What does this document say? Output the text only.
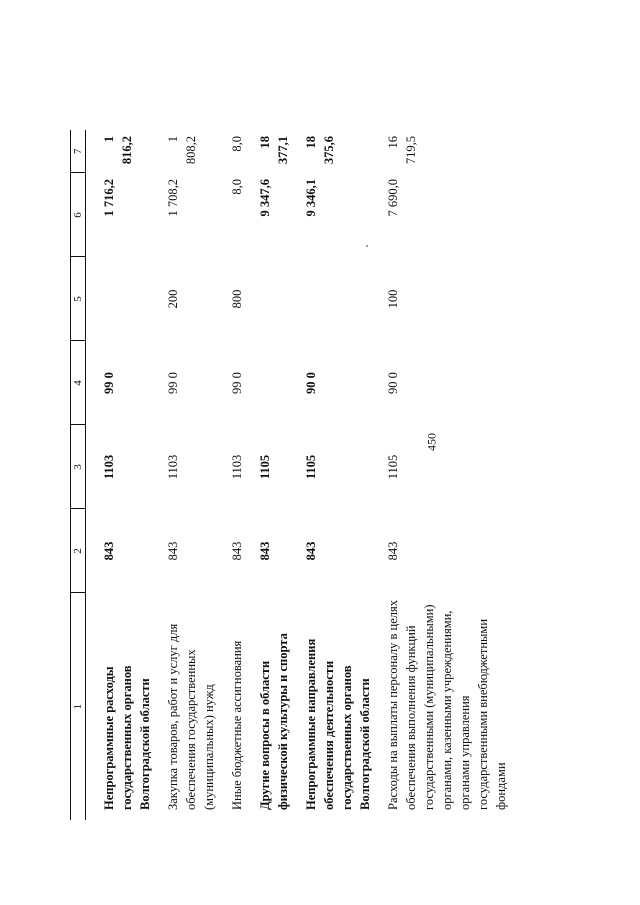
450
1	2	3	4	5	6	7
Непрограммные расходы государственных органов Волгоградской области	843	1103	99 0		1 716,2	1 816,2
Закупка товаров, работ и услуг для обеспечения государственных (муниципальных) нужд	843	1103	99 0	200	1 708,2	1 808,2
Иные бюджетные ассигнования	843	1103	99 0	800	8,0	8,0
Другие вопросы в области физической культуры и спорта	843	1105			9 347,6	18 377,1
Непрограммные направления обеспечения деятельности государственных органов Волгоградской области	843	1105	90 0		9 346,1	18 375,6
Расходы на выплаты персоналу в целях обеспечения выполнения функций государственными (муниципальными) органами, казенными учреждениями, органами управления государственными внебюджетными фондами	843	1105	90 0	100	7 690,0	16 719,5
